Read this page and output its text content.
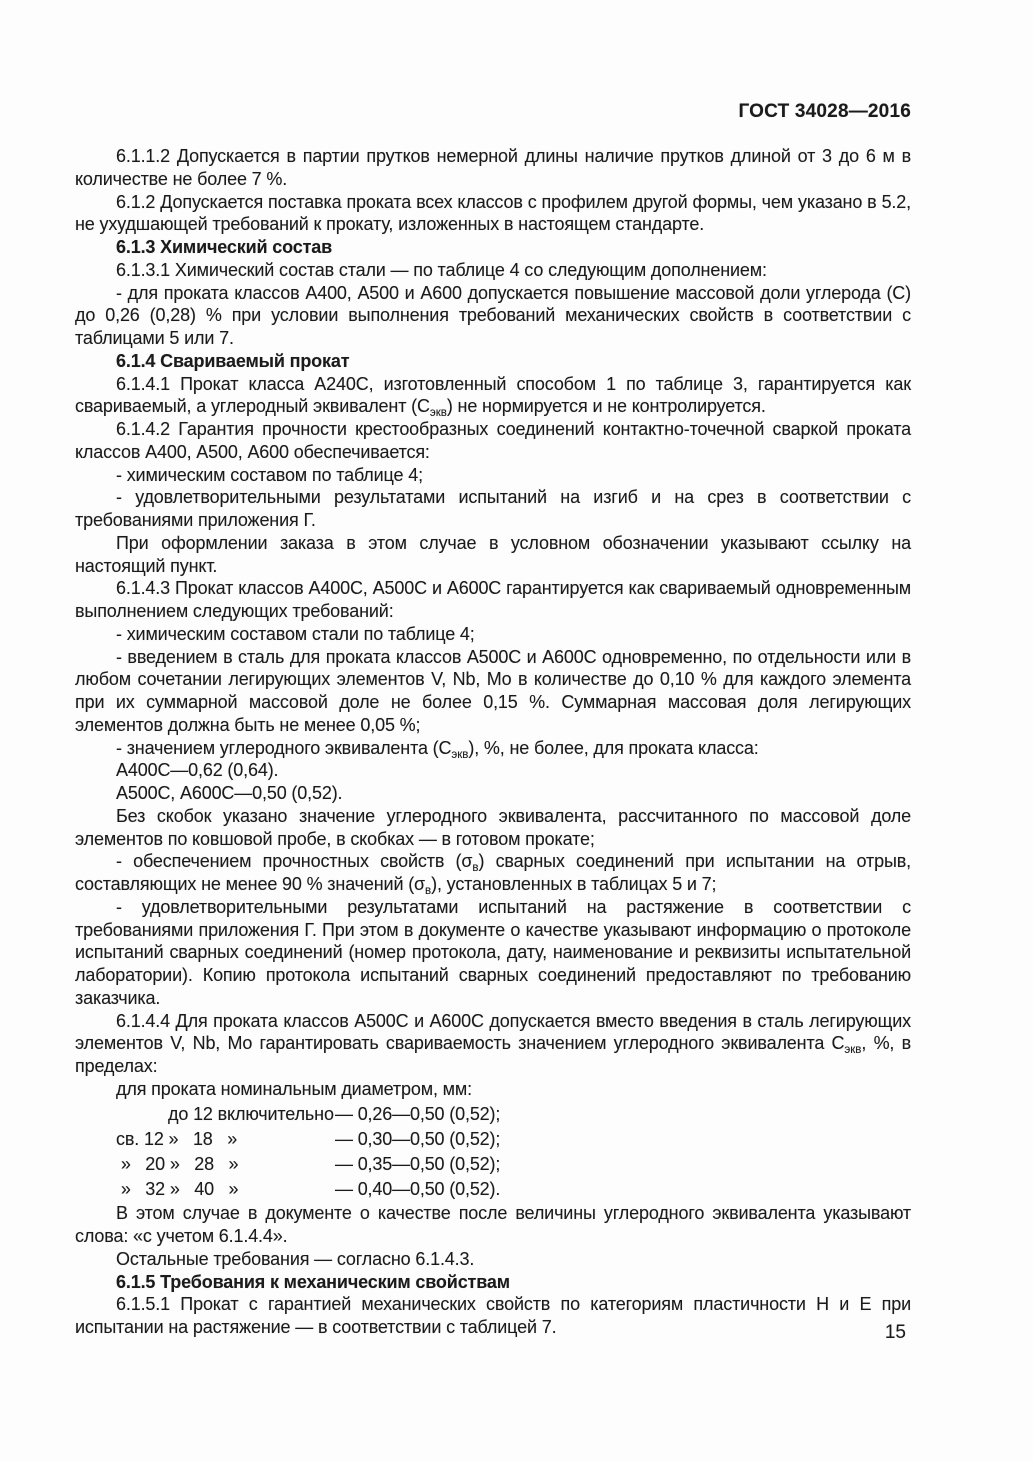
ГОСТ 34028—2016

6.1.1.2 Допускается в партии прутков немерной длины наличие прутков длиной от 3 до 6 м в количестве не более 7 %.

6.1.2 Допускается поставка проката всех классов с профилем другой формы, чем указано в 5.2, не ухудшающей требований к прокату, изложенных в настоящем стандарте.

6.1.3 Химический состав

6.1.3.1 Химический состав стали — по таблице 4 со следующим дополнением:

- для проката классов А400, А500 и А600 допускается повышение массовой доли углерода (С) до 0,26 (0,28) % при условии выполнения требований механических свойств в соответствии с таблицами 5 или 7.

6.1.4 Свариваемый прокат

6.1.4.1 Прокат класса А240С, изготовленный способом 1 по таблице 3, гарантируется как свариваемый, а углеродный эквивалент $(С_{экв})$ не нормируется и не контролируется.

6.1.4.2 Гарантия прочности крестообразных соединений контактно-точечной сваркой проката классов А400, А500, А600 обеспечивается:

- химическим составом по таблице 4;

- удовлетворительными результатами испытаний на изгиб и на срез в соответствии с требованиями приложения Г.

При оформлении заказа в этом случае в условном обозначении указывают ссылку на настоящий пункт.

6.1.4.3 Прокат классов А400С, А500С и А600С гарантируется как свариваемый одновременным выполнением следующих требований:

- химическим составом стали по таблице 4;

- введением в сталь для проката классов А500С и А600С одновременно, по отдельности или в любом сочетании легирующих элементов V, Nb, Mo в количестве до 0,10 % для каждого элемента при их суммарной массовой доле не более 0,15 %. Суммарная массовая доля легирующих элементов должна быть не менее 0,05 %;

- значением углеродного эквивалента $(С_{экв})$, %, не более, для проката класса:

А400С—0,62 (0,64).

А500С, А600С—0,50 (0,52).

Без скобок указано значение углеродного эквивалента, рассчитанного по массовой доле элементов по ковшовой пробе, в скобках — в готовом прокате;

- обеспечением прочностных свойств $(\sigma_в)$ сварных соединений при испытании на отрыв, составляющих не менее 90 % значений $(\sigma_в)$, установленных в таблицах 5 и 7;

- удовлетворительными результатами испытаний на растяжение в соответствии с требованиями приложения Г. При этом в документе о качестве указывают информацию о протоколе испытаний сварных соединений (номер протокола, дату, наименование и реквизиты испытательной лаборатории). Копию протокола испытаний сварных соединений предоставляют по требованию заказчика.

6.1.4.4 Для проката классов А500С и А600С допускается вместо введения в сталь легирующих элементов V, Nb, Mo гарантировать свариваемость значением углеродного эквивалента $С_{экв}$, %, в пределах:

для проката номинальным диаметром, мм:

до 12 включительно — 0,26—0,50 (0,52);
св. 12 »   18   »	— 0,30—0,50 (0,52);
»   20 »   28   »	— 0,35—0,50 (0,52);
»   32 »   40   »	— 0,40—0,50 (0,52).

В этом случае в документе о качестве после величины углеродного эквивалента указывают слова: «с учетом 6.1.4.4».

Остальные требования — согласно 6.1.4.3.

6.1.5 Требования к механическим свойствам

6.1.5.1 Прокат с гарантией механических свойств по категориям пластичности Н и Е при испытании на растяжение — в соответствии с таблицей 7.	15
